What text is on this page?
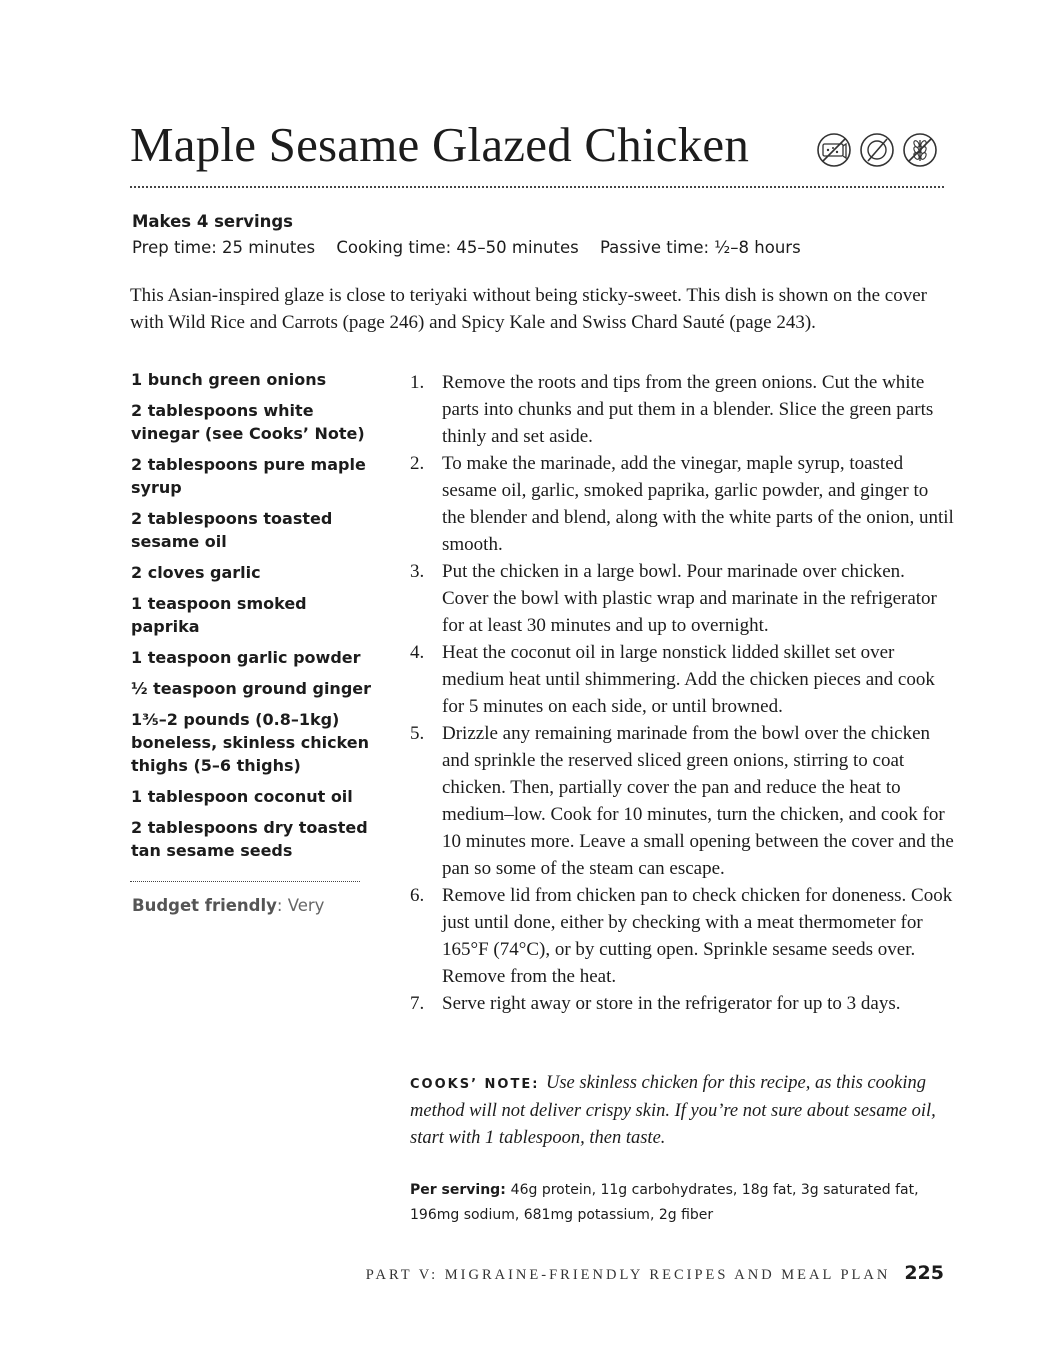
Maple Sesame Glazed Chicken

Makes 4 servings

Prep time: 25 minutes Cooking time: 45–50 minutes Passive time: ½–8 hours

This Asian-inspired glaze is close to teriyaki without being sticky-sweet. This dish is shown on the cover with Wild Rice and Carrots (page 246) and Spicy Kale and Swiss Chard Sauté (page 243).

1 bunch green onions
2 tablespoons white vinegar (see Cooks’ Note)
2 tablespoons pure maple syrup
2 tablespoons toasted sesame oil
2 cloves garlic
1 teaspoon smoked paprika
1 teaspoon garlic powder
½ teaspoon ground ginger
1⅗–2 pounds (0.8–1kg) boneless, skinless chicken thighs (5–6 thighs)
1 tablespoon coconut oil
2 tablespoons dry toasted tan sesame seeds

Budget friendly: Very

1. Remove the roots and tips from the green onions. Cut the white parts into chunks and put them in a blender. Slice the green parts thinly and set aside.
2. To make the marinade, add the vinegar, maple syrup, toasted sesame oil, garlic, smoked paprika, garlic powder, and ginger to the blender and blend, along with the white parts of the onion, until smooth.
3. Put the chicken in a large bowl. Pour marinade over chicken. Cover the bowl with plastic wrap and marinate in the refrigerator for at least 30 minutes and up to overnight.
4. Heat the coconut oil in large nonstick lidded skillet set over medium heat until shimmering. Add the chicken pieces and cook for 5 minutes on each side, or until browned.
5. Drizzle any remaining marinade from the bowl over the chicken and sprinkle the reserved sliced green onions, stirring to coat chicken. Then, partially cover the pan and reduce the heat to medium–low. Cook for 10 minutes, turn the chicken, and cook for 10 minutes more. Leave a small opening between the cover and the pan so some of the steam can escape.
6. Remove lid from chicken pan to check chicken for doneness. Cook just until done, either by checking with a meat thermometer for 165°F (74°C), or by cutting open. Sprinkle sesame seeds over. Remove from the heat.
7. Serve right away or store in the refrigerator for up to 3 days.

COOKS’ NOTE: Use skinless chicken for this recipe, as this cooking method will not deliver crispy skin. If you’re not sure about sesame oil, start with 1 tablespoon, then taste.

Per serving: 46g protein, 11g carbohydrates, 18g fat, 3g saturated fat, 196mg sodium, 681mg potassium, 2g fiber

PART V: MIGRAINE-FRIENDLY RECIPES AND MEAL PLAN 225
